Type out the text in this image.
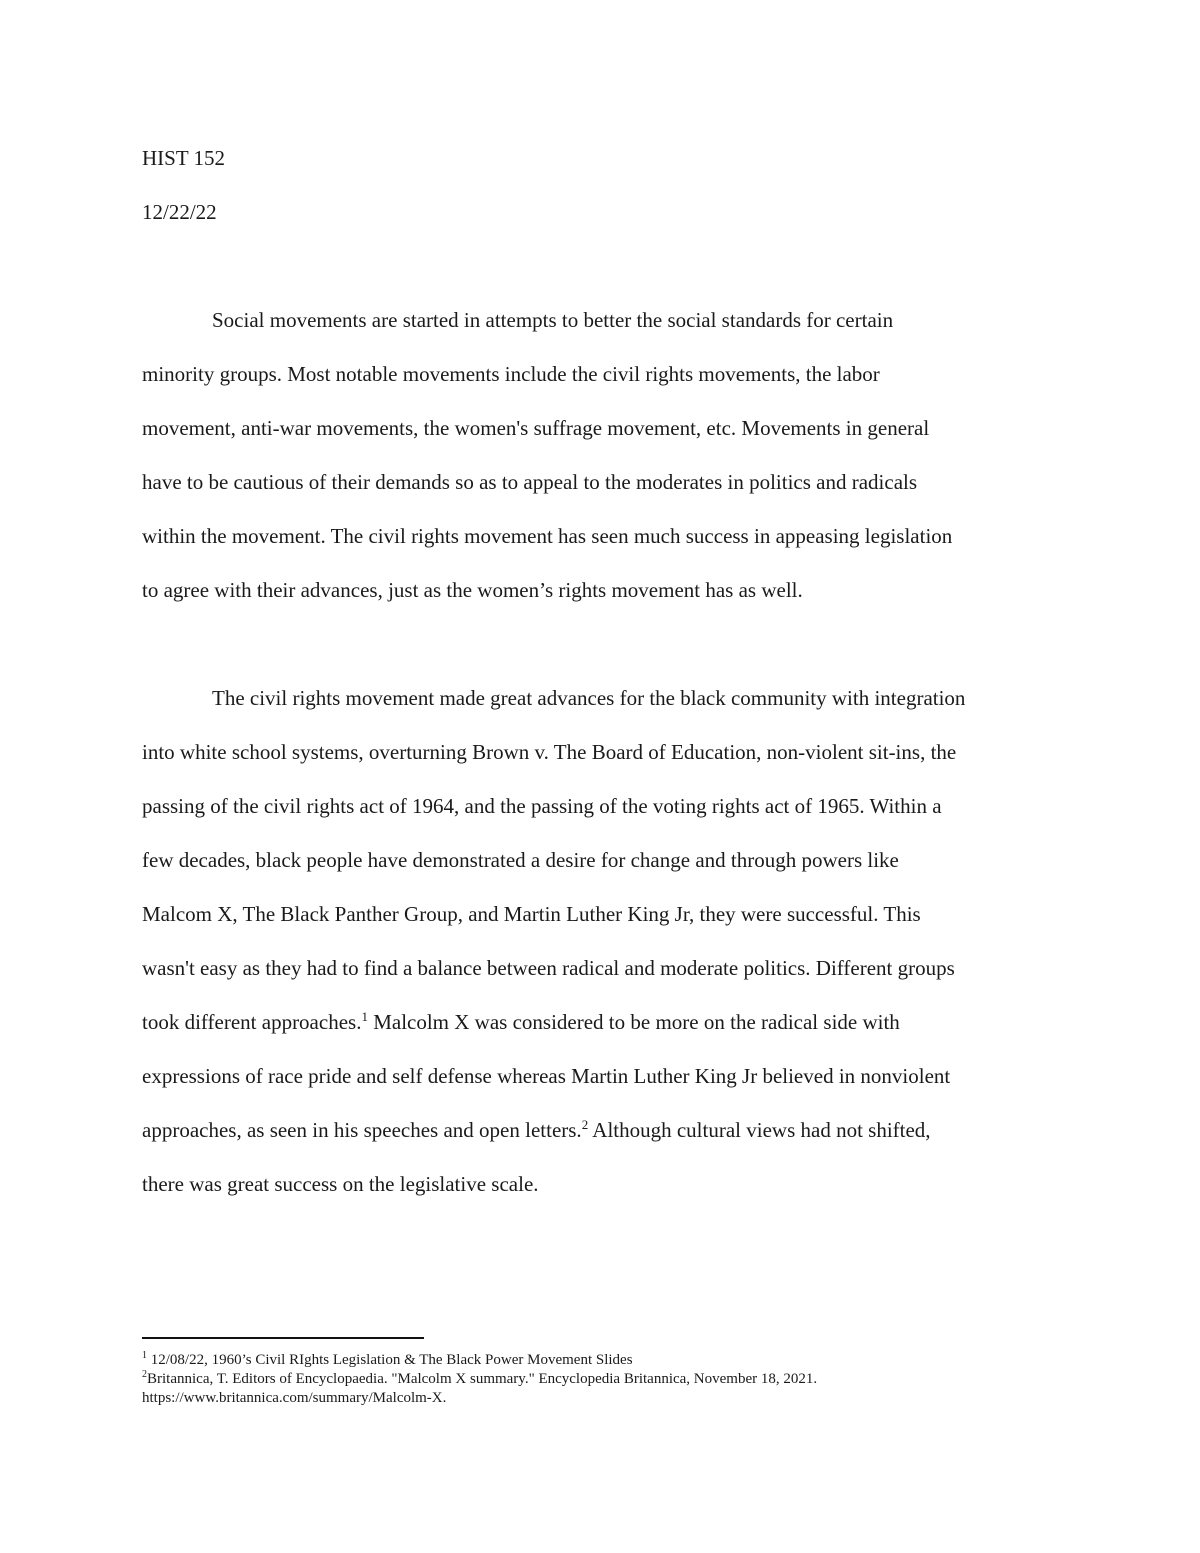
HIST 152
12/22/22
Social movements are started in attempts to better the social standards for certain
minority groups. Most notable movements include the civil rights movements, the labor
movement, anti-war movements, the women's suffrage movement, etc. Movements in general
have to be cautious of their demands so as to appeal to the moderates in politics and radicals
within the movement. The civil rights movement has seen much success in appeasing legislation
to agree with their advances, just as the women’s rights movement has as well.
The civil rights movement made great advances for the black community with integration
into white school systems, overturning Brown v. The Board of Education, non-violent sit-ins, the
passing of the civil rights act of 1964, and the passing of the voting rights act of 1965. Within a
few decades, black people have demonstrated a desire for change and through powers like
Malcom X, The Black Panther Group, and Martin Luther King Jr, they were successful. This
wasn't easy as they had to find a balance between radical and moderate politics. Different groups
took different approaches.$^1$ Malcolm X was considered to be more on the radical side with
expressions of race pride and self defense whereas Martin Luther King Jr believed in nonviolent
approaches, as seen in his speeches and open letters.$^2$ Although cultural views had not shifted,
there was great success on the legislative scale.
$^1$ 12/08/22, 1960’s Civil RIghts Legislation & The Black Power Movement Slides
$^2$Britannica, T. Editors of Encyclopaedia. "Malcolm X summary." Encyclopedia Britannica, November 18, 2021.
https://www.britannica.com/summary/Malcolm-X.
